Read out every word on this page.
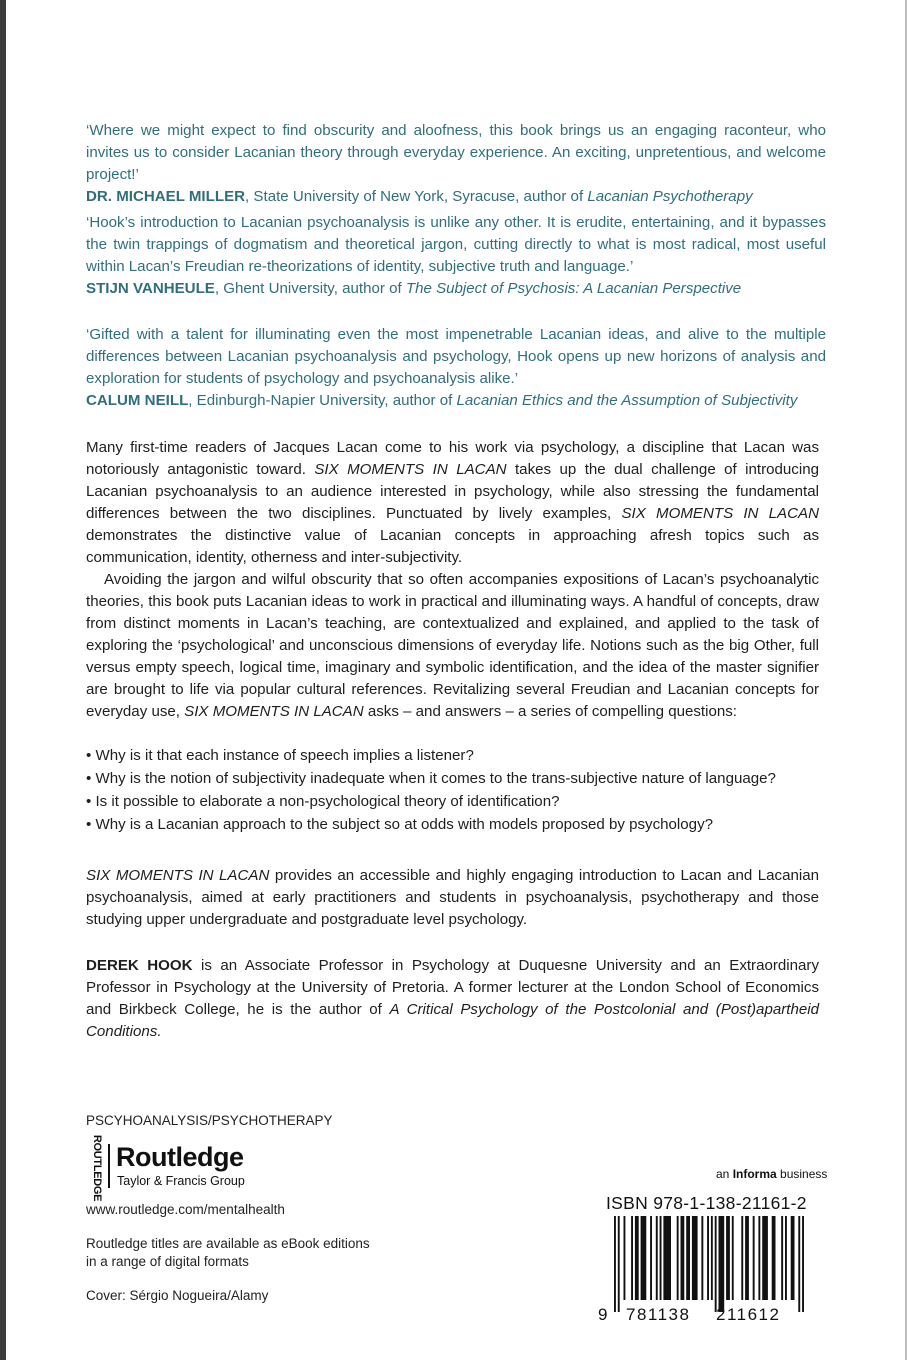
‘Where we might expect to find obscurity and aloofness, this book brings us an engaging raconteur, who invites us to consider Lacanian theory through everyday experience. An exciting, unpretentious, and welcome project!’

DR. MICHAEL MILLER, State University of New York, Syracuse, author of Lacanian Psychotherapy

‘Hook’s introduction to Lacanian psychoanalysis is unlike any other. It is erudite, entertaining, and it bypasses the twin trappings of dogmatism and theoretical jargon, cutting directly to what is most radical, most useful within Lacan’s Freudian re-theorizations of identity, subjective truth and language.’

STIJN VANHEULE, Ghent University, author of The Subject of Psychosis: A Lacanian Perspective

‘Gifted with a talent for illuminating even the most impenetrable Lacanian ideas, and alive to the multiple differences between Lacanian psychoanalysis and psychology, Hook opens up new horizons of analysis and exploration for students of psychology and psychoanalysis alike.’

CALUM NEILL, Edinburgh-Napier University, author of Lacanian Ethics and the Assumption of Subjectivity

Many first-time readers of Jacques Lacan come to his work via psychology, a discipline that Lacan was notoriously antagonistic toward. SIX MOMENTS IN LACAN takes up the dual challenge of introducing Lacanian psychoanalysis to an audience interested in psychology, while also stressing the fundamental differences between the two disciplines. Punctuated by lively examples, SIX MOMENTS IN LACAN demonstrates the distinctive value of Lacanian concepts in approaching afresh topics such as communication, identity, otherness and inter-subjectivity.

Avoiding the jargon and wilful obscurity that so often accompanies expositions of Lacan’s psychoanalytic theories, this book puts Lacanian ideas to work in practical and illuminating ways. A handful of concepts, draw from distinct moments in Lacan’s teaching, are contextualized and explained, and applied to the task of exploring the ‘psychological’ and unconscious dimensions of everyday life. Notions such as the big Other, full versus empty speech, logical time, imaginary and symbolic identification, and the idea of the master signifier are brought to life via popular cultural references. Revitalizing several Freudian and Lacanian concepts for everyday use, SIX MOMENTS IN LACAN asks – and answers – a series of compelling questions:

• Why is it that each instance of speech implies a listener?
• Why is the notion of subjectivity inadequate when it comes to the trans-subjective nature of language?
• Is it possible to elaborate a non-psychological theory of identification?
• Why is a Lacanian approach to the subject so at odds with models proposed by psychology?

SIX MOMENTS IN LACAN provides an accessible and highly engaging introduction to Lacan and Lacanian psychoanalysis, aimed at early practitioners and students in psychoanalysis, psychotherapy and those studying upper undergraduate and postgraduate level psychology.

DEREK HOOK is an Associate Professor in Psychology at Duquesne University and an Extraordinary Professor in Psychology at the University of Pretoria. A former lecturer at the London School of Economics and Birkbeck College, he is the author of A Critical Psychology of the Postcolonial and (Post)apartheid Conditions.

PSCYHOANALYSIS/PSYCHOTHERAPY
ROUTLEDGE Routledge
Taylor & Francis Group
www.routledge.com/mentalhealth
Routledge titles are available as eBook editions
in a range of digital formats
Cover: Sérgio Nogueira/Alamy
an Informa business
ISBN 978-1-138-21161-2
9 781138 211612
